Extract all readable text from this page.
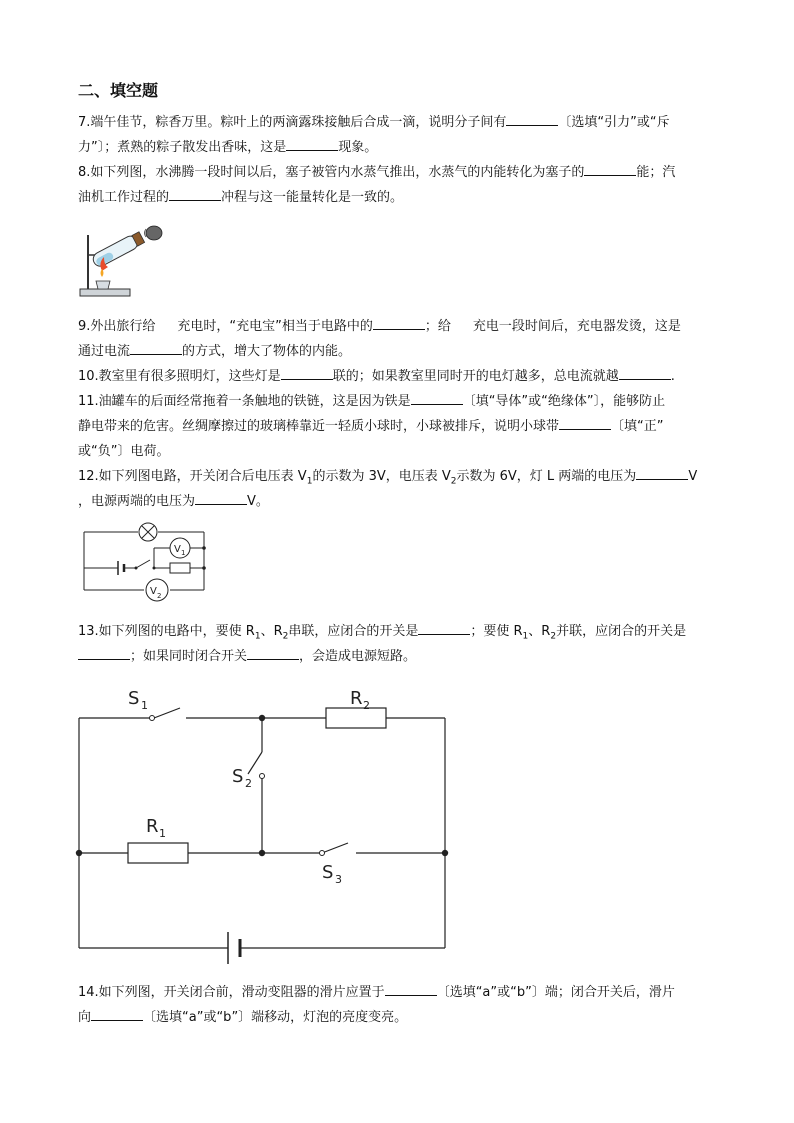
二、填空题
7.端午佳节，粽香万里。粽叶上的两滴露珠接触后合成一滴，说明分子间有	〔选填“引力”或“斥
力”〕；煮熟的粽子散发出香味，这是	现象。
8.如下列图，水沸腾一段时间以后，塞子被管内水蒸气推出，水蒸气的内能转化为塞子的	能；汽
油机工作过程的	冲程与这一能量转化是一致的。
9.外出旅行给 充电时，“充电宝”相当于电路中的	；给 充电一段时间后，充电器发烫，这是
通过电流	的方式，增大了物体的内能。
10.教室里有很多照明灯，这些灯是	联的；如果教室里同时开的电灯越多，总电流就越	.
11.油罐车的后面经常拖着一条触地的铁链，这是因为铁是	〔填“导体”或“绝缘体”〕，能够防止
静电带来的危害。丝绸摩擦过的玻璃棒靠近一轻质小球时，小球被排斥，说明小球带	〔填“正”
或“负”〕电荷。
12.如下列图电路，开关闭合后电压表 $V_1$的示数为 3V，电压表 $V_2$示数为 6V，灯 L 两端的电压为	V
，电源两端的电压为	V。
V 1
V 2
13.如下列图的电路中，要使 $R_1$、$R_2$串联，应闭合的开关是	；要使 $R_1$、$R_2$并联，应闭合的开关是
；如果同时闭合开关	，会造成电源短路。
S 1
S 2
S 3
R 1
R 2
14.如下列图，开关闭合前，滑动变阻器的滑片应置于	〔选填“a”或“b”〕端；闭合开关后，滑片
向	〔选填“a”或“b”〕端移动，灯泡的亮度变亮。
